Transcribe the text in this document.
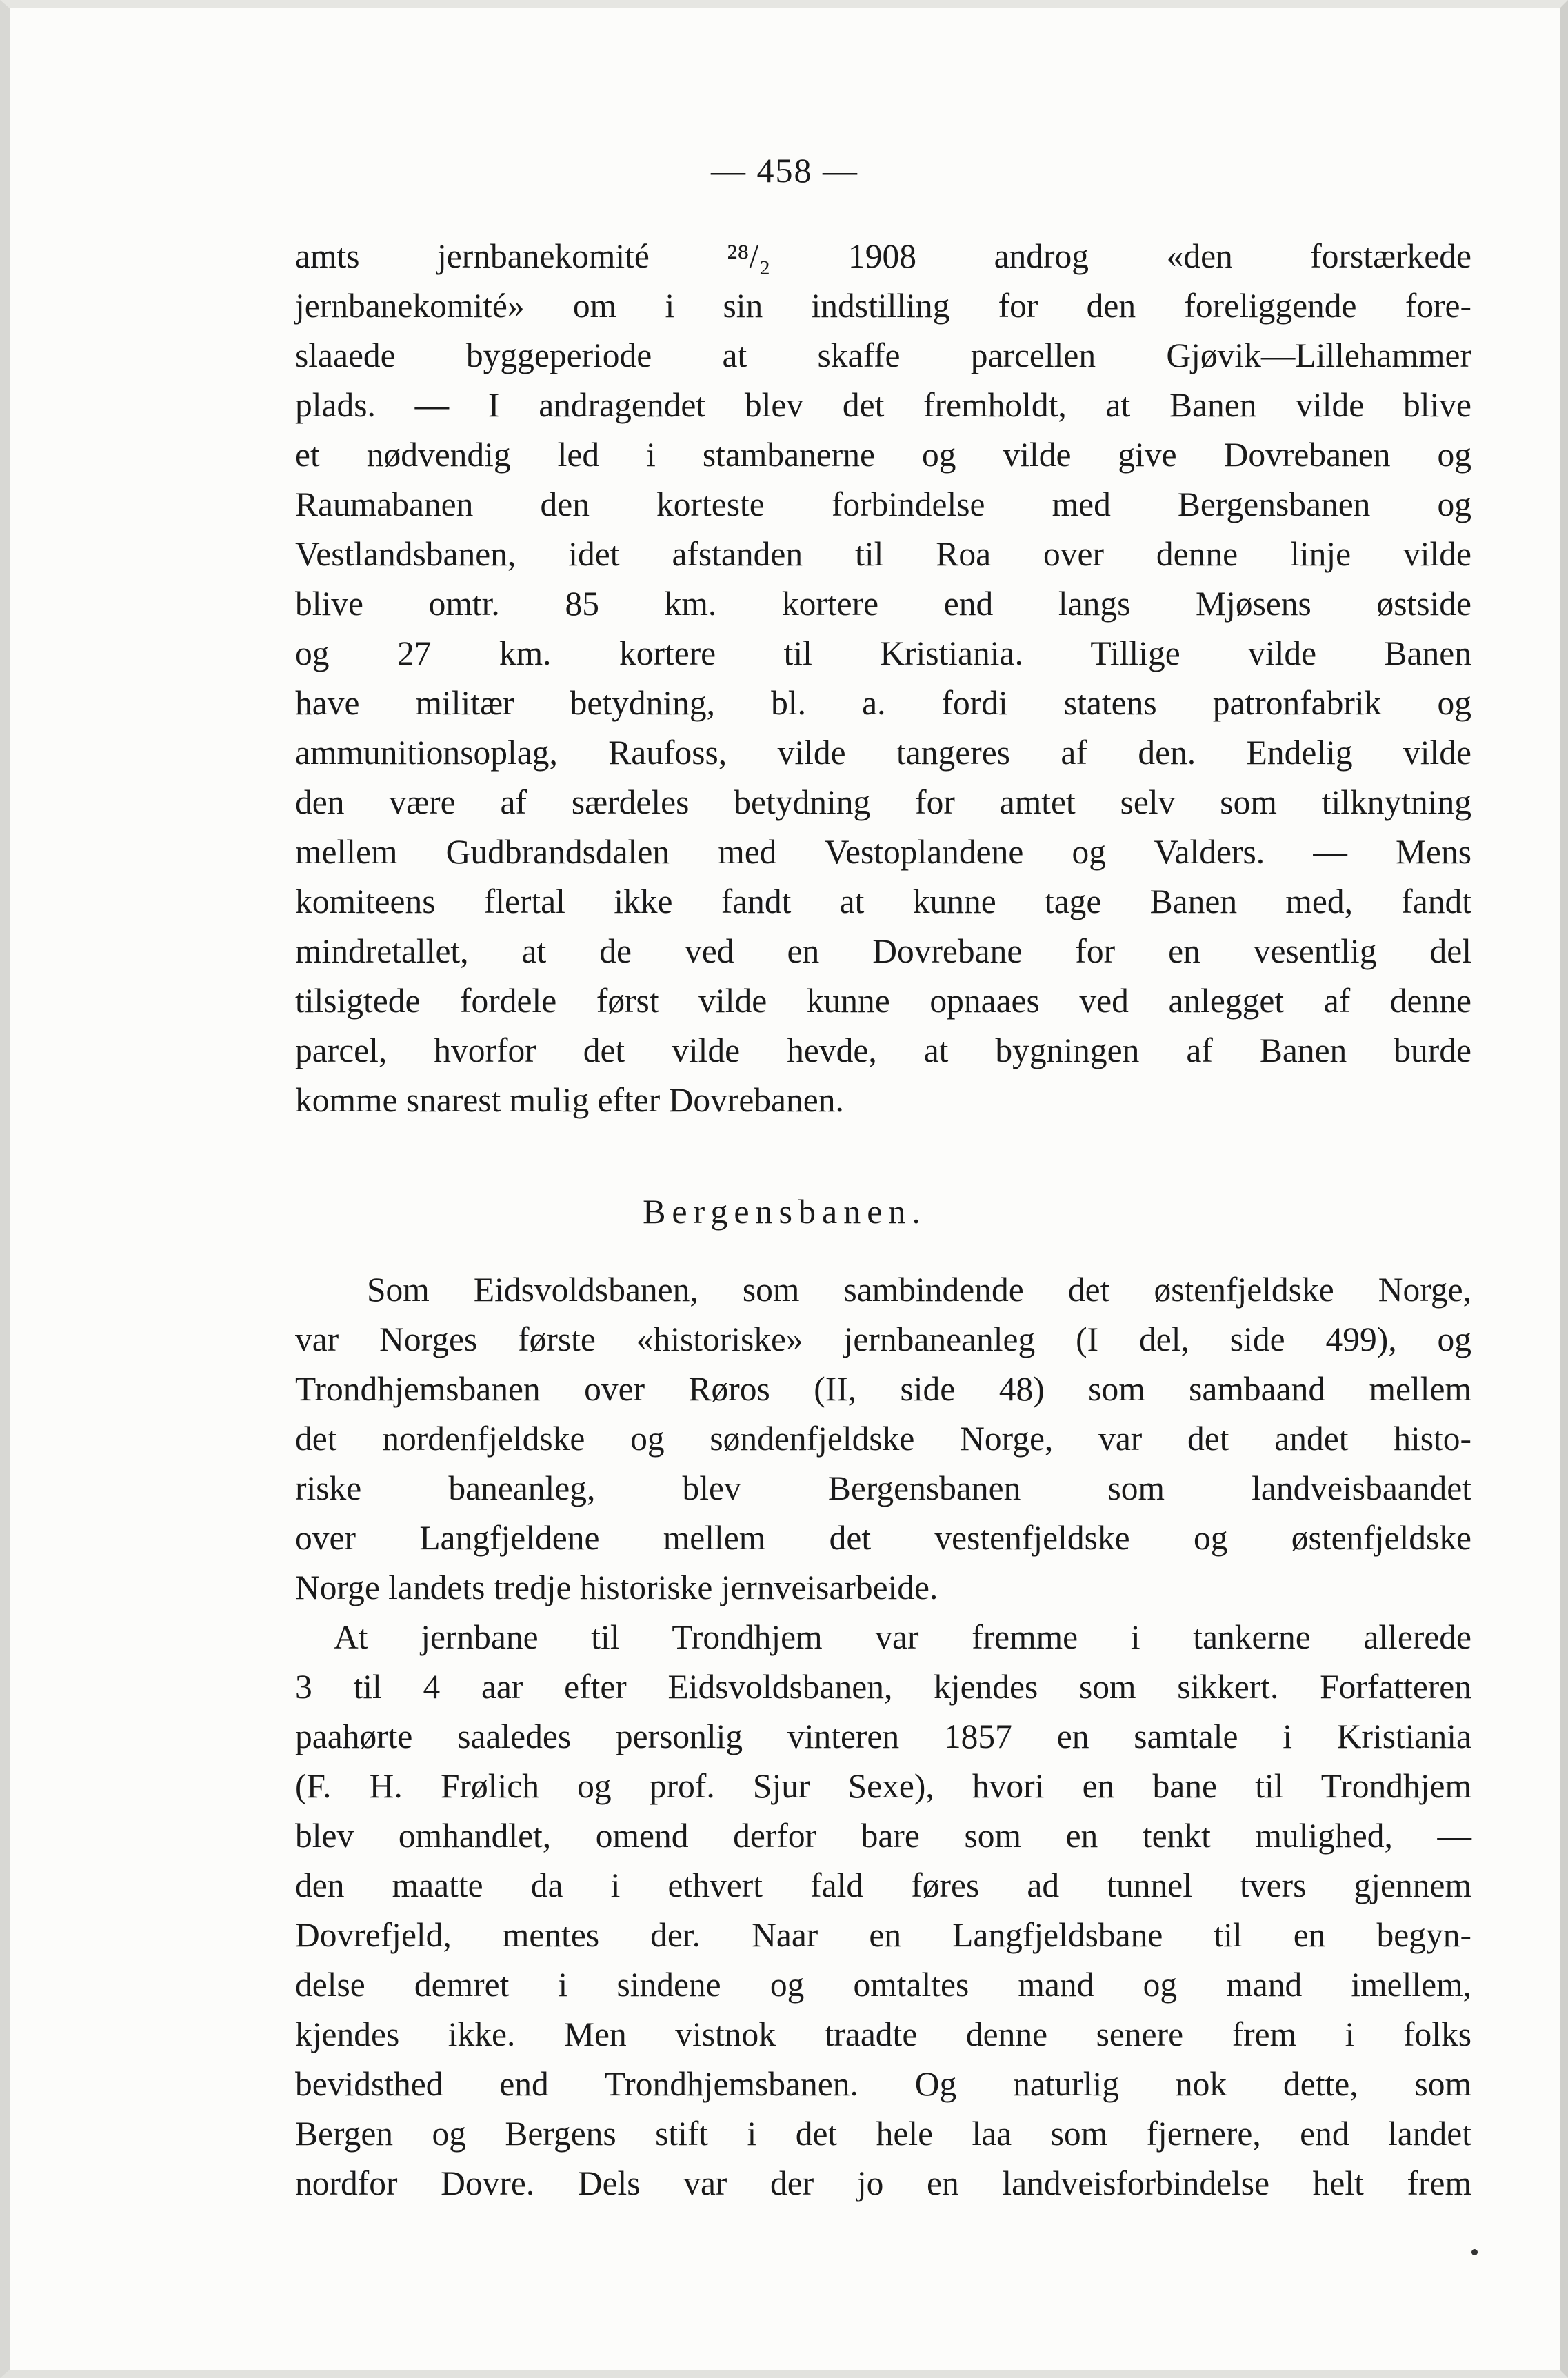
— 458 —
amts jernbanekomité ²⁸/₂ 1908 androg «den forstærkede
jernbanekomité» om i sin indstilling for den foreliggende fore-
slaaede byggeperiode at skaffe parcellen Gjøvik—Lillehammer
plads. — I andragendet blev det fremholdt, at Banen vilde blive
et nødvendig led i stambanerne og vilde give Dovrebanen og
Raumabanen den korteste forbindelse med Bergensbanen og
Vestlandsbanen, idet afstanden til Roa over denne linje vilde
blive omtr. 85 km. kortere end langs Mjøsens østside
og 27 km. kortere til Kristiania. Tillige vilde Banen
have militær betydning, bl. a. fordi statens patronfabrik og
ammunitionsoplag, Raufoss, vilde tangeres af den. Endelig vilde
den være af særdeles betydning for amtet selv som tilknytning
mellem Gudbrandsdalen med Vestoplandene og Valders. — Mens
komiteens flertal ikke fandt at kunne tage Banen med, fandt
mindretallet, at de ved en Dovrebane for en vesentlig del
tilsigtede fordele først vilde kunne opnaaes ved anlegget af denne
parcel, hvorfor det vilde hevde, at bygningen af Banen burde
komme snarest mulig efter Dovrebanen.
Bergensbanen.
Som Eidsvoldsbanen, som sambindende det østenfjeldske Norge,
var Norges første «historiske» jernbaneanleg (I del, side 499), og
Trondhjemsbanen over Røros (II, side 48) som sambaand mellem
det nordenfjeldske og søndenfjeldske Norge, var det andet histo-
riske baneanleg, blev Bergensbanen som landveisbaandet
over Langfjeldene mellem det vestenfjeldske og østenfjeldske
Norge landets tredje historiske jernveisarbeide.
At jernbane til Trondhjem var fremme i tankerne allerede
3 til 4 aar efter Eidsvoldsbanen, kjendes som sikkert. Forfatteren
paahørte saaledes personlig vinteren 1857 en samtale i Kristiania
(F. H. Frølich og prof. Sjur Sexe), hvori en bane til Trondhjem
blev omhandlet, omend derfor bare som en tenkt mulighed, —
den maatte da i ethvert fald føres ad tunnel tvers gjennem
Dovrefjeld, mentes der. Naar en Langfjeldsbane til en begyn-
delse demret i sindene og omtaltes mand og mand imellem,
kjendes ikke. Men vistnok traadte denne senere frem i folks
bevidsthed end Trondhjemsbanen. Og naturlig nok dette, som
Bergen og Bergens stift i det hele laa som fjernere, end landet
nordfor Dovre. Dels var der jo en landveisforbindelse helt frem
